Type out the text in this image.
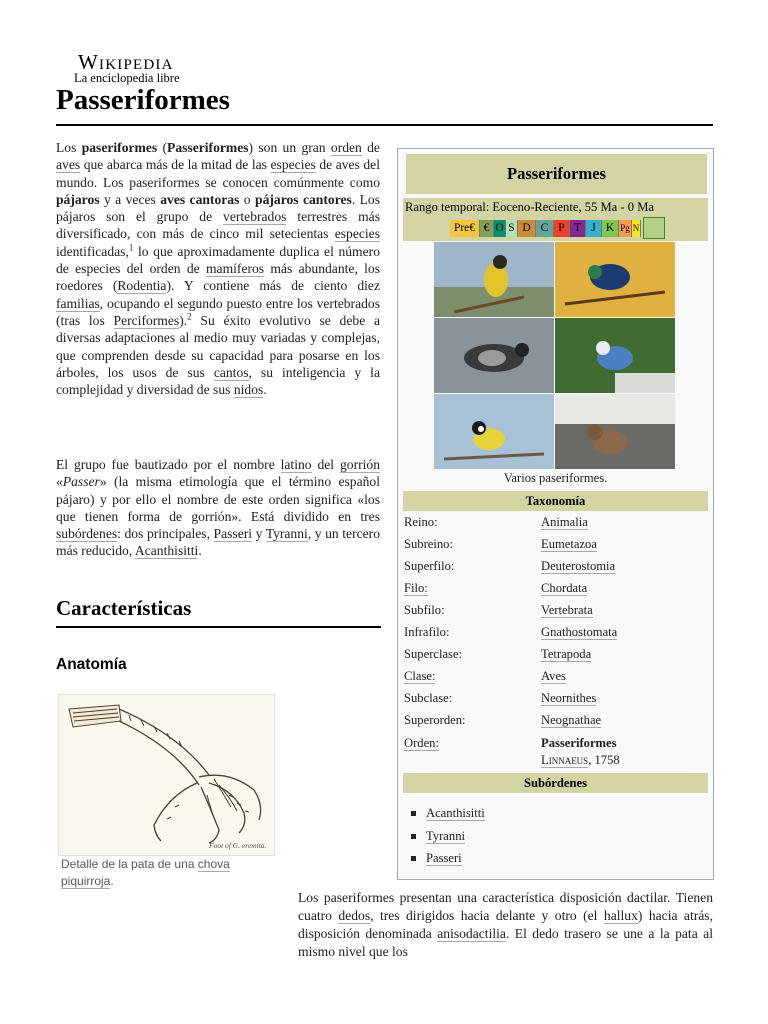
Wikipedia
La enciclopedia libre
Passeriformes

Los paseriformes (Passeriformes) son un gran orden de aves que abarca más de la mitad de las especies de aves del mundo. Los paseriformes se conocen comúnmente como pájaros y a veces aves cantoras o pájaros cantores. Los pájaros son el grupo de vertebrados terrestres más diversificado, con más de cinco mil setecientas especies identificadas,$^1$ lo que aproximadamente duplica el número de especies del orden de mamíferos más abundante, los roedores (Rodentia). Y contiene más de ciento diez familias, ocupando el segundo puesto entre los vertebrados (tras los Perciformes).$^2$ Su éxito evolutivo se debe a diversas adaptaciones al medio muy variadas y complejas, que comprenden desde su capacidad para posarse en los árboles, los usos de sus cantos, su inteligencia y la complejidad y diversidad de sus nidos.

El grupo fue bautizado por el nombre latino del gorrión «Passer» (la misma etimología que el término español pájaro) y por ello el nombre de este orden significa «los que tienen forma de gorrión». Está dividido en tres subórdenes: dos principales, Passeri y Tyranni, y un tercero más reducido, Acanthisitti.

Características
Anatomía
Foot of G. eremita.
Detalle de la pata de una chova piquirroja.
Los paseriformes presentan una característica disposición dactilar. Tienen cuatro dedos, tres dirigidos hacia delante y otro (el hallux) hacia atrás, disposición denominada anisodactilia. El dedo trasero se une a la pata al mismo nivel que los
Passeriformes
Rango temporal: Eoceno-Reciente, 55 Ma - 0 Ma
Pre€ € O S D C P T J K Pg N
Varios paseriformes.
Taxonomía
Reino:	Animalia
Subreino:	Eumetazoa
Superfilo:	Deuterostomia
Filo:	Chordata
Subfilo:	Vertebrata
Infrafilo:	Gnathostomata
Superclase:	Tetrapoda
Clase:	Aves
Subclase:	Neornithes
Superorden:	Neognathae
Orden:	Passeriformes
Linnaeus, 1758
Subórdenes
Acanthisitti
Tyranni
Passeri
